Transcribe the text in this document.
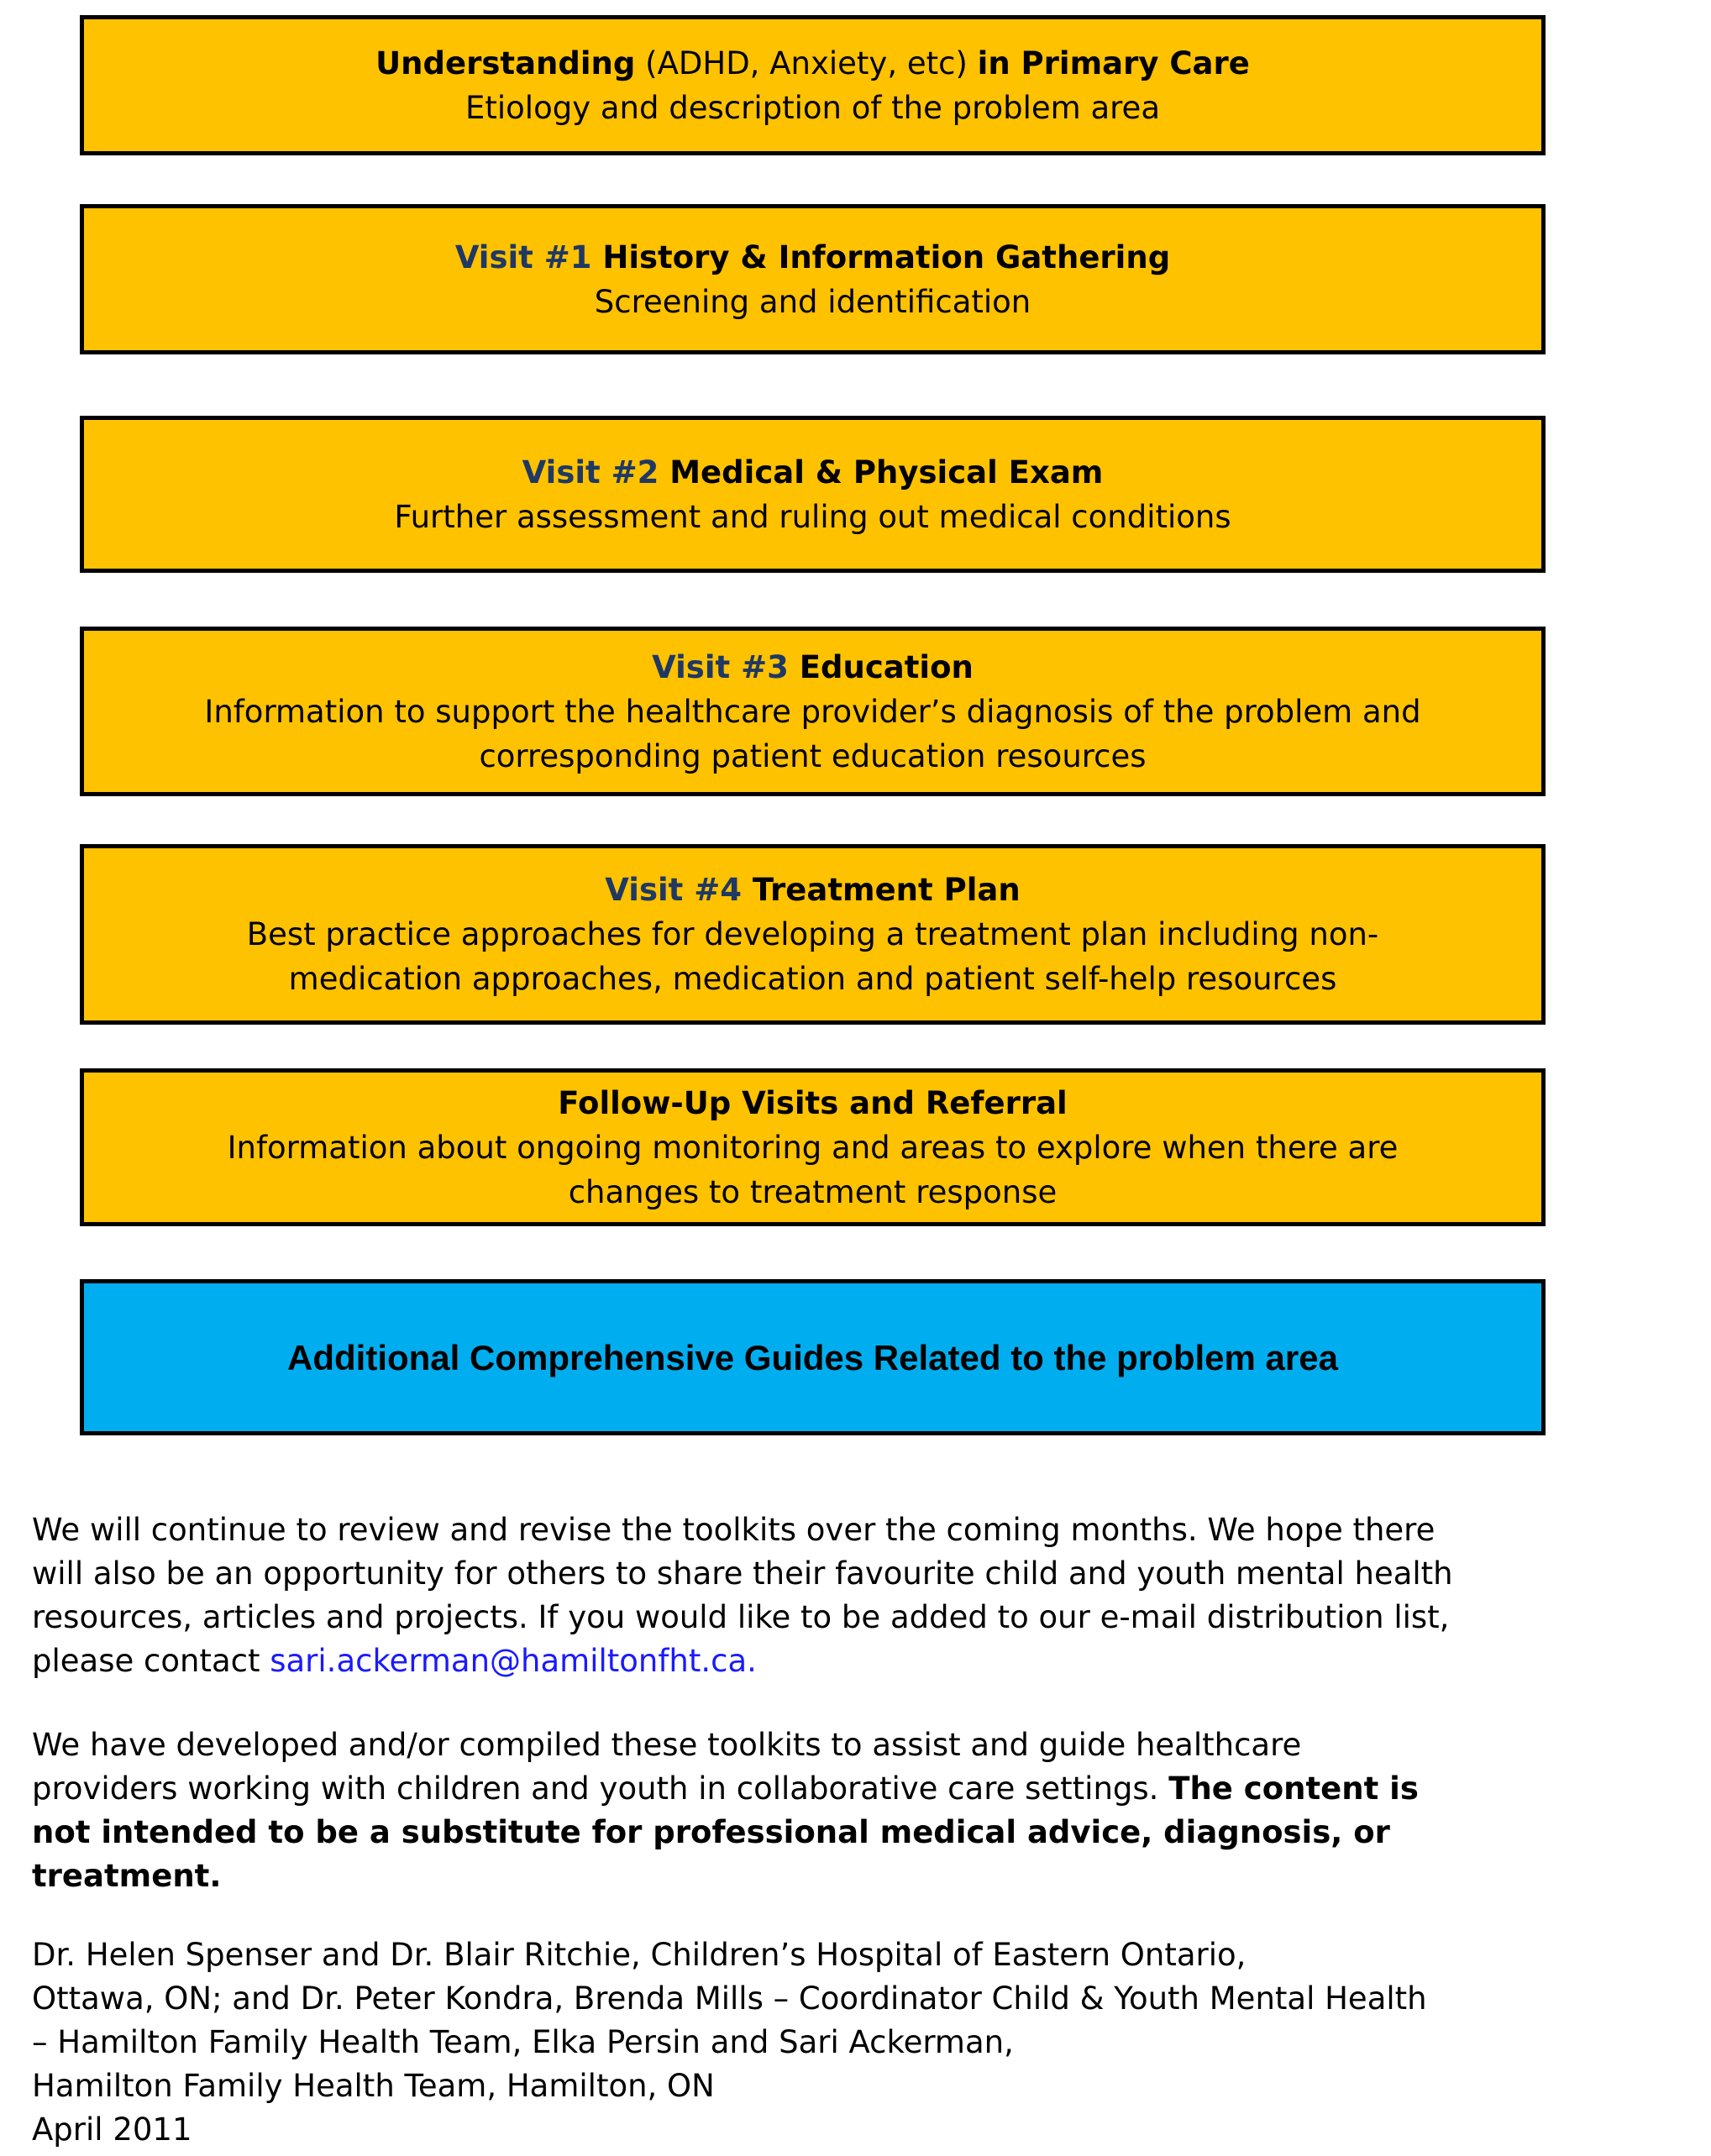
Understanding (ADHD, Anxiety, etc) in Primary Care
Etiology and description of the problem area
Visit #1 History & Information Gathering
Screening and identification
Visit #2 Medical & Physical Exam
Further assessment and ruling out medical conditions
Visit #3 Education
Information to support the healthcare provider’s diagnosis of the problem and
corresponding patient education resources
Visit #4 Treatment Plan
Best practice approaches for developing a treatment plan including non-
medication approaches, medication and patient self-help resources
Follow-Up Visits and Referral
Information about ongoing monitoring and areas to explore when there are
changes to treatment response
Additional Comprehensive Guides Related to the problem area
We will continue to review and revise the toolkits over the coming months. We hope there
will also be an opportunity for others to share their favourite child and youth mental health
resources, articles and projects. If you would like to be added to our e-mail distribution list,
please contact sari.ackerman@hamiltonfht.ca.
We have developed and/or compiled these toolkits to assist and guide healthcare
providers working with children and youth in collaborative care settings. The content is
not intended to be a substitute for professional medical advice, diagnosis, or
treatment.
Dr. Helen Spenser and Dr. Blair Ritchie, Children’s Hospital of Eastern Ontario,
Ottawa, ON; and Dr. Peter Kondra, Brenda Mills – Coordinator Child & Youth Mental Health
– Hamilton Family Health Team, Elka Persin and Sari Ackerman,
Hamilton Family Health Team, Hamilton, ON
April 2011
